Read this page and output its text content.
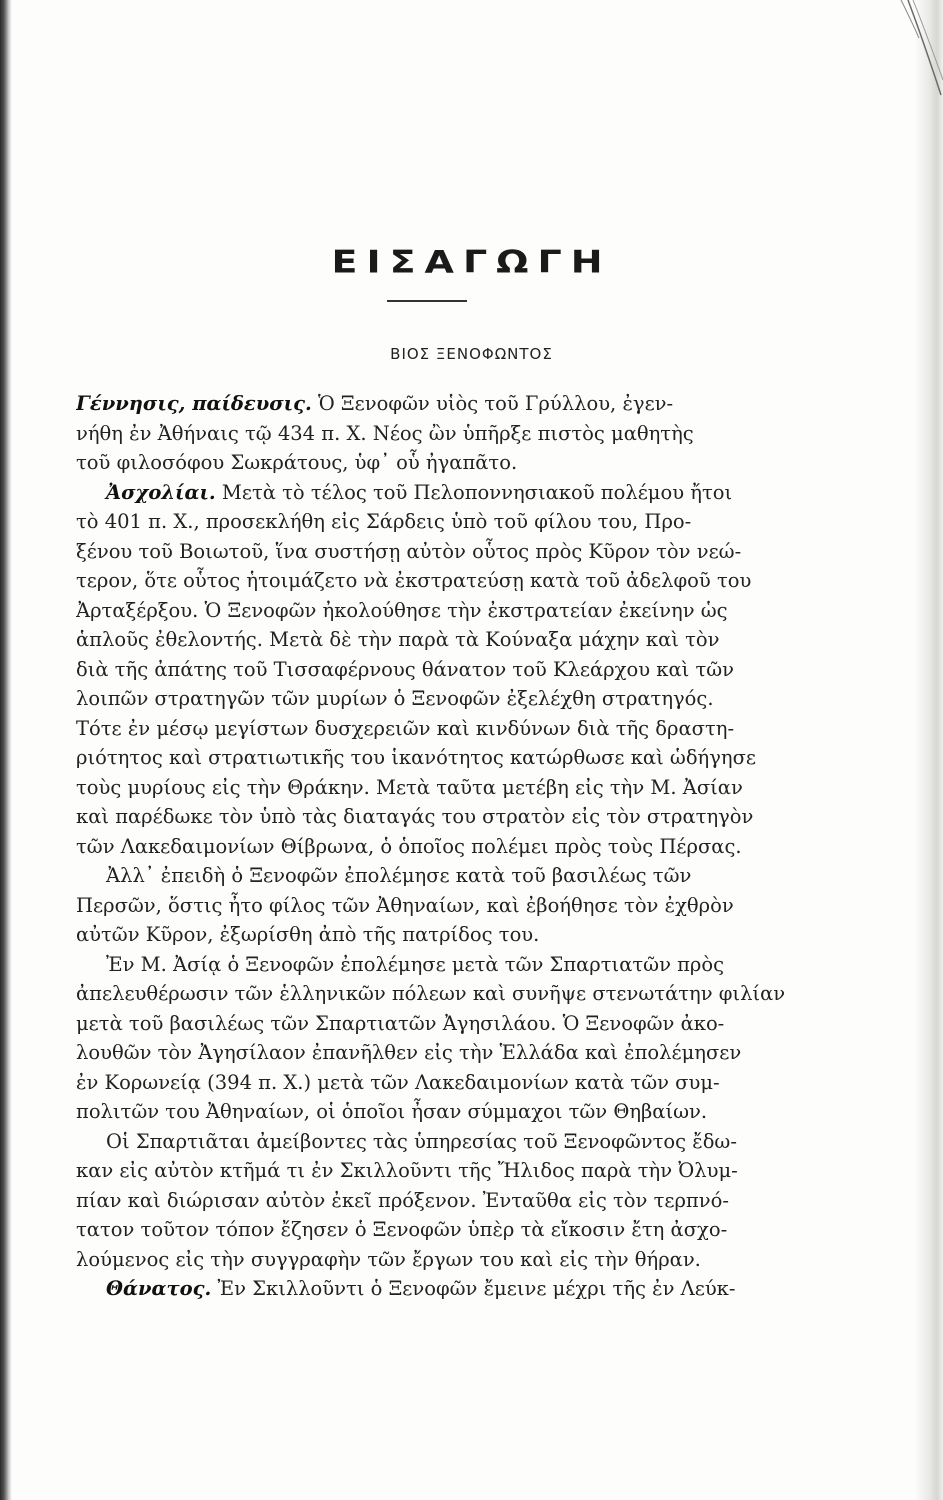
ΕΙΣΑΓΩΓΗ
ΒΙΟΣ ΞΕΝΟΦΩΝΤΟΣ
Γέννησις, παίδευσις. Ὁ Ξενοφῶν υἱὸς τοῦ Γρύλλου, ἐγεν-
νήθη ἐν Ἀθήναις τῷ 434 π. Χ. Νέος ὢν ὑπῆρξε πιστὸς μαθητὴς
τοῦ φιλοσόφου Σωκράτους, ὑφ᾽ οὗ ἠγαπᾶτο.
Ἀσχολίαι. Μετὰ τὸ τέλος τοῦ Πελοποννησιακοῦ πολέμου ἤτοι
τὸ 401 π. Χ., προσεκλήθη εἰς Σάρδεις ὑπὸ τοῦ φίλου του, Προ-
ξένου τοῦ Βοιωτοῦ, ἵνα συστήσῃ αὐτὸν οὗτος πρὸς Κῦρον τὸν νεώ-
τερον, ὅτε οὗτος ἡτοιμάζετο νὰ ἐκστρατεύσῃ κατὰ τοῦ ἀδελφοῦ του
Ἀρταξέρξου. Ὁ Ξενοφῶν ἠκολούθησε τὴν ἐκστρατείαν ἐκείνην ὡς
ἁπλοῦς ἐθελοντής. Μετὰ δὲ τὴν παρὰ τὰ Κούναξα μάχην καὶ τὸν
διὰ τῆς ἀπάτης τοῦ Τισσαφέρνους θάνατον τοῦ Κλεάρχου καὶ τῶν
λοιπῶν στρατηγῶν τῶν μυρίων ὁ Ξενοφῶν ἐξελέχθη στρατηγός.
Τότε ἐν μέσῳ μεγίστων δυσχερειῶν καὶ κινδύνων διὰ τῆς δραστη-
ριότητος καὶ στρατιωτικῆς του ἱκανότητος κατώρθωσε καὶ ὡδήγησε
τοὺς μυρίους εἰς τὴν Θράκην. Μετὰ ταῦτα μετέβη εἰς τὴν Μ. Ἀσίαν
καὶ παρέδωκε τὸν ὑπὸ τὰς διαταγάς του στρατὸν εἰς τὸν στρατηγὸν
τῶν Λακεδαιμονίων Θίβρωνα, ὁ ὁποῖος πολέμει πρὸς τοὺς Πέρσας.
Ἀλλ᾽ ἐπειδὴ ὁ Ξενοφῶν ἐπολέμησε κατὰ τοῦ βασιλέως τῶν
Περσῶν, ὅστις ἦτο φίλος τῶν Ἀθηναίων, καὶ ἐβοήθησε τὸν ἐχθρὸν
αὐτῶν Κῦρον, ἐξωρίσθη ἀπὸ τῆς πατρίδος του.
Ἐν Μ. Ἀσίᾳ ὁ Ξενοφῶν ἐπολέμησε μετὰ τῶν Σπαρτιατῶν πρὸς
ἀπελευθέρωσιν τῶν ἑλληνικῶν πόλεων καὶ συνῆψε στενωτάτην φιλίαν
μετὰ τοῦ βασιλέως τῶν Σπαρτιατῶν Ἀγησιλάου. Ὁ Ξενοφῶν ἀκο-
λουθῶν τὸν Ἀγησίλαον ἐπανῆλθεν εἰς τὴν Ἑλλάδα καὶ ἐπολέμησεν
ἐν Κορωνείᾳ (394 π. Χ.) μετὰ τῶν Λακεδαιμονίων κατὰ τῶν συμ-
πολιτῶν του Ἀθηναίων, οἱ ὁποῖοι ἦσαν σύμμαχοι τῶν Θηβαίων.
Οἱ Σπαρτιᾶται ἀμείβοντες τὰς ὑπηρεσίας τοῦ Ξενοφῶντος ἔδω-
καν εἰς αὐτὸν κτῆμά τι ἐν Σκιλλοῦντι τῆς Ἤλιδος παρὰ τὴν Ὀλυμ-
πίαν καὶ διώρισαν αὐτὸν ἐκεῖ πρόξενον. Ἐνταῦθα εἰς τὸν τερπνό-
τατον τοῦτον τόπον ἔζησεν ὁ Ξενοφῶν ὑπὲρ τὰ εἴκοσιν ἔτη ἀσχο-
λούμενος εἰς τὴν συγγραφὴν τῶν ἔργων του καὶ εἰς τὴν θήραν.
Θάνατος. Ἐν Σκιλλοῦντι ὁ Ξενοφῶν ἔμεινε μέχρι τῆς ἐν Λεύκ-
